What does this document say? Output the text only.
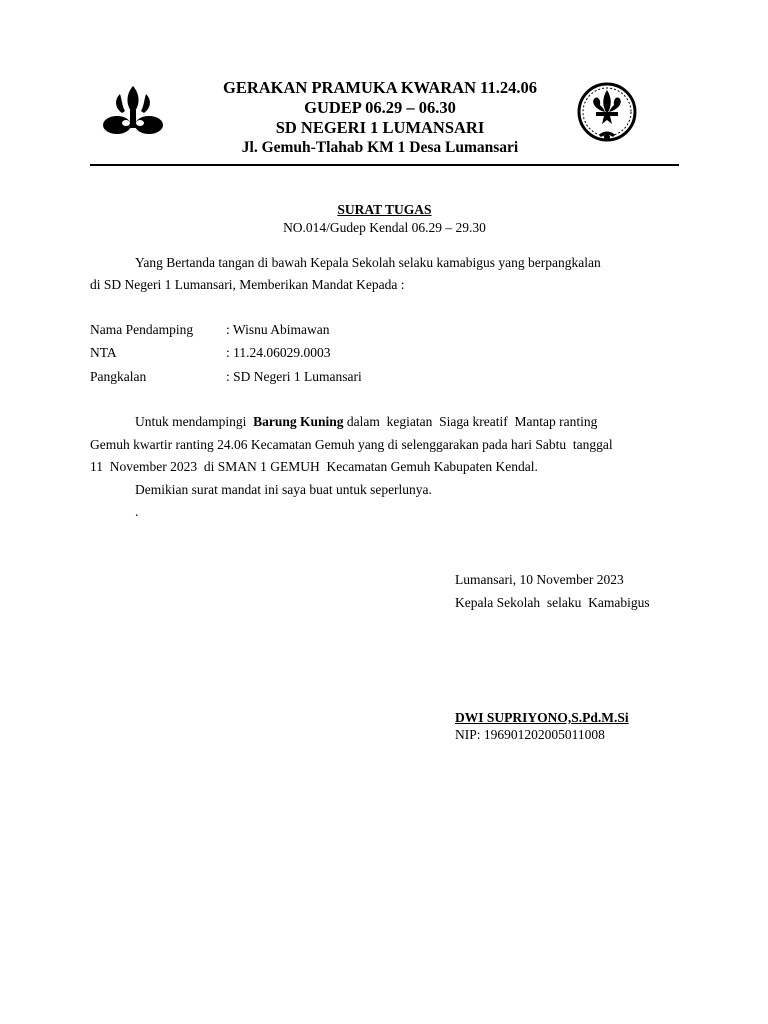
GERAKAN PRAMUKA KWARAN 11.24.06
GUDEP 06.29 – 06.30
SD NEGERI 1 LUMANSARI
Jl. Gemuh-Tlahab KM 1 Desa Lumansari
SURAT TUGAS
NO.014/Gudep Kendal 06.29 – 29.30
Yang Bertanda tangan di bawah Kepala Sekolah selaku kamabigus yang berpangkalan
di SD Negeri 1 Lumansari, Memberikan Mandat Kepada :
Nama Pendamping : Wisnu Abimawan
NTA	: 11.24.06029.0003
Pangkalan	: SD Negeri 1 Lumansari
Untuk mendampingi  Barung Kuning dalam  kegiatan  Siaga kreatif  Mantap ranting
Gemuh kwartir ranting 24.06 Kecamatan Gemuh yang di selenggarakan pada hari Sabtu  tanggal
11  November 2023  di SMAN 1 GEMUH  Kecamatan Gemuh Kabupaten Kendal.
Demikian surat mandat ini saya buat untuk seperlunya.
.
Lumansari, 10 November 2023
Kepala Sekolah  selaku  Kamabigus
DWI SUPRIYONO,S.Pd.M.Si
NIP: 196901202005011008
